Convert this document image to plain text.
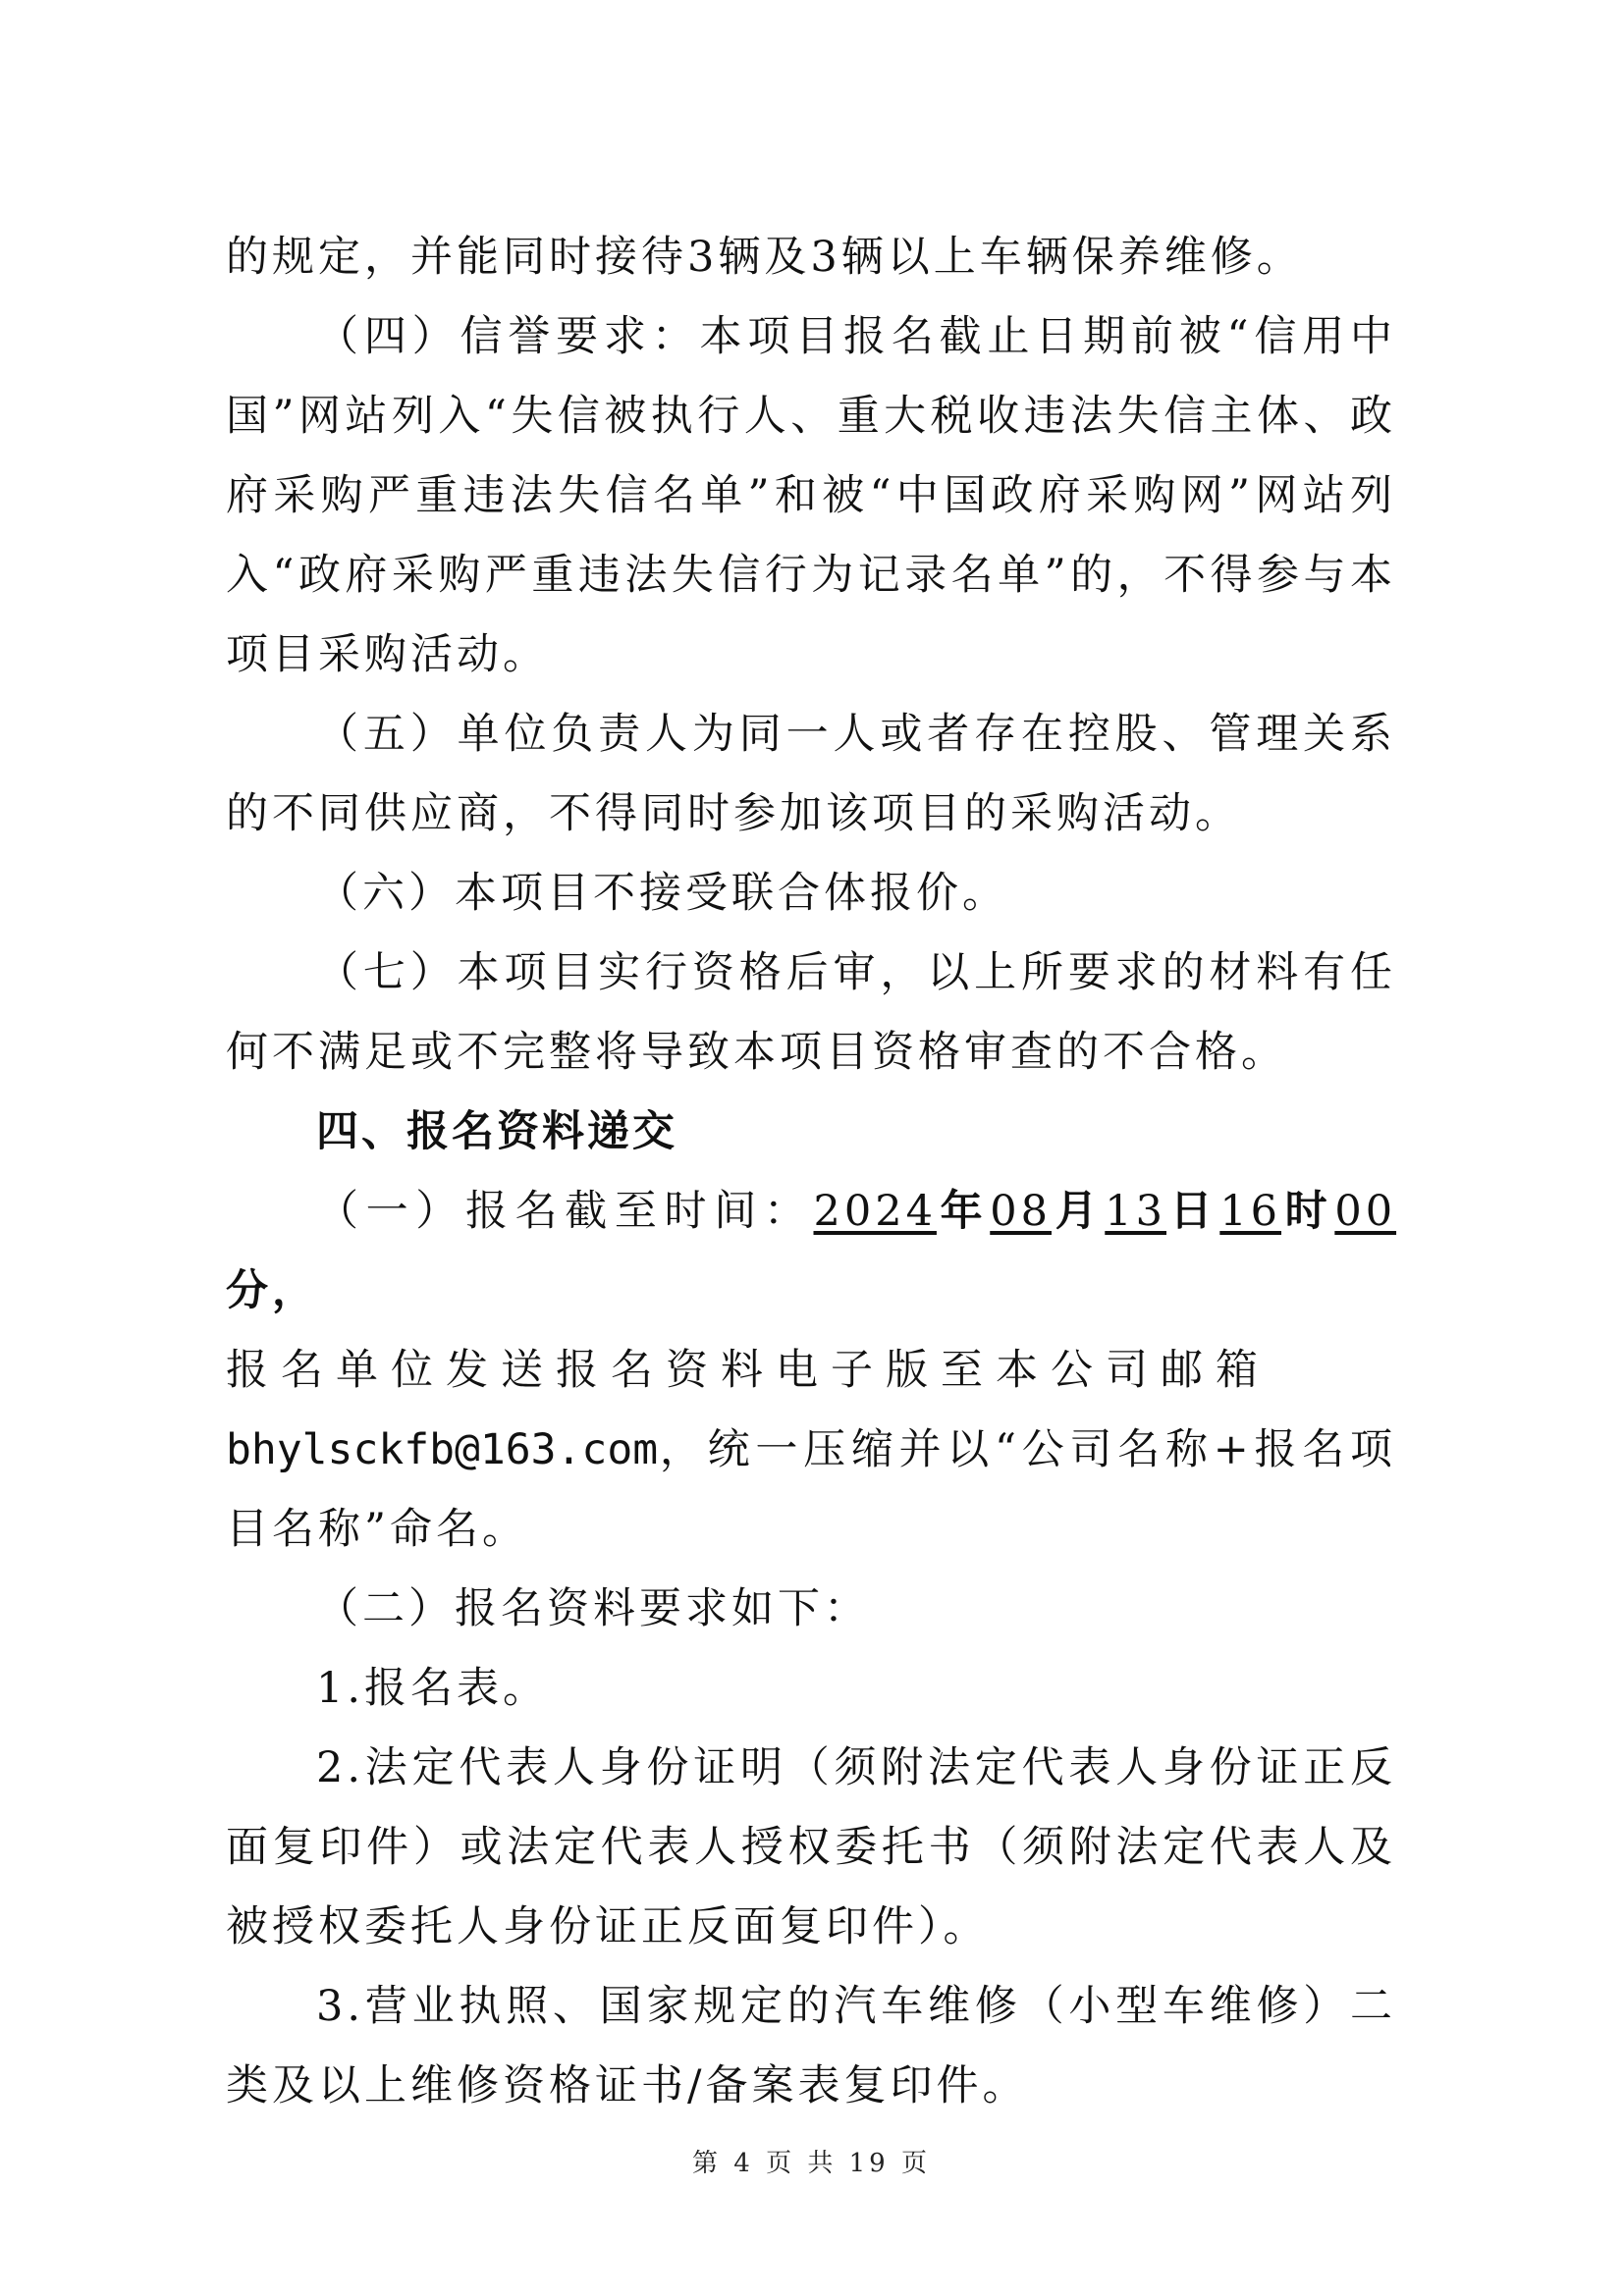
的规定，并能同时接待3辆及3辆以上车辆保养维修。

（四）信誉要求：本项目报名截止日期前被“信用中国”网站列入“失信被执行人、重大税收违法失信主体、政府采购严重违法失信名单”和被“中国政府采购网”网站列入“政府采购严重违法失信行为记录名单”的，不得参与本项目采购活动。

（五）单位负责人为同一人或者存在控股、管理关系的不同供应商，不得同时参加该项目的采购活动。

（六）本项目不接受联合体报价。

（七）本项目实行资格后审，以上所要求的材料有任何不满足或不完整将导致本项目资格审查的不合格。

四、报名资料递交

（一）报名截至时间：2024年08月13日16时00分，

报名单位发送报名资料电子版至本公司邮箱

bhylsckfb@163.com，统一压缩并以“公司名称+报名项目名称”命名。

（二）报名资料要求如下：

1.报名表。

2.法定代表人身份证明（须附法定代表人身份证正反面复印件）或法定代表人授权委托书（须附法定代表人及被授权委托人身份证正反面复印件）。

3.营业执照、国家规定的汽车维修（小型车维修）二类及以上维修资格证书/备案表复印件。

第 4 页 共 19 页
